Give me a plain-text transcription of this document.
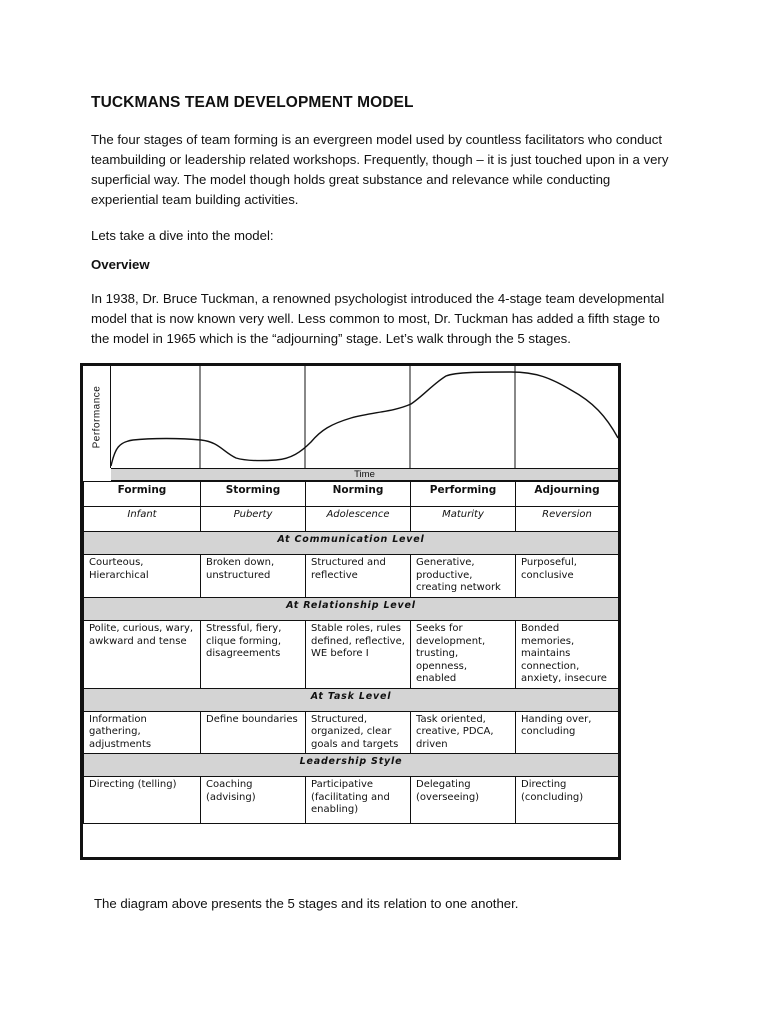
TUCKMANS TEAM DEVELOPMENT MODEL

The four stages of team forming is an evergreen model used by countless facilitators who conduct teambuilding or leadership related workshops. Frequently, though – it is just touched upon in a very superficial way. The model though holds great substance and relevance while conducting experiential team building activities.

Lets take a dive into the model:

Overview

In 1938, Dr. Bruce Tuckman, a renowned psychologist introduced the 4-stage team developmental model that is now known very well. Less common to most, Dr. Tuckman has added a fifth stage to the model in 1965 which is the “adjourning” stage. Let’s walk through the 5 stages.

Performance
Time
Forming	Storming	Norming	Performing	Adjourning
Infant	Puberty	Adolescence	Maturity	Reversion
At Communication Level				
Courteous, Hierarchical	Broken down, unstructured	Structured and reflective	Generative, productive, creating network	Purposeful, conclusive
At Relationship Level				
Polite, curious, wary, awkward and tense	Stressful, fiery, clique forming, disagreements	Stable roles, rules defined, reflective, WE before I	Seeks for development, trusting, openness, enabled	Bonded memories, maintains connection, anxiety, insecure
At Task Level				
Information gathering, adjustments	Define boundaries	Structured, organized, clear goals and targets	Task oriented, creative, PDCA, driven	Handing over, concluding
Leadership Style				
Directing (telling)	Coaching (advising)	Participative (facilitating and enabling)	Delegating (overseeing)	Directing (concluding)

The diagram above presents the 5 stages and its relation to one another.
